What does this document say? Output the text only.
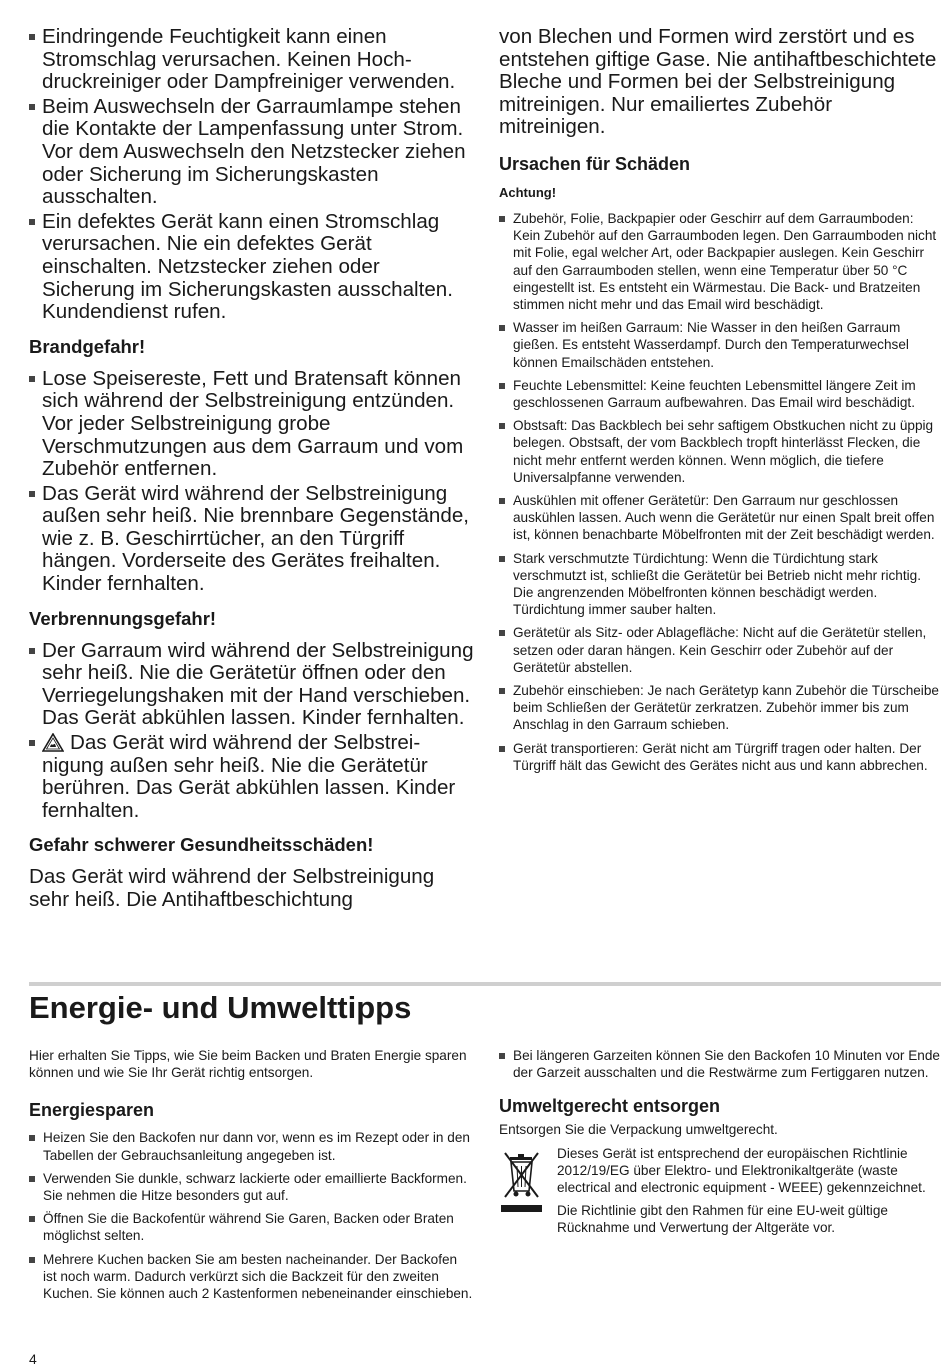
Eindringende Feuchtigkeit kann einen Stromschlag verursachen. Keinen Hochdruckreiniger oder Dampfreiniger verwenden.
Beim Auswechseln der Garraumlampe stehen die Kontakte der Lampenfassung unter Strom. Vor dem Auswechseln den Netzstecker ziehen oder Sicherung im Sicherungskasten ausschalten.
Ein defektes Gerät kann einen Stromschlag verursachen. Nie ein defektes Gerät einschalten. Netzstecker ziehen oder Sicherung im Sicherungskasten ausschalten. Kundendienst rufen.
Brandgefahr!
Lose Speisereste, Fett und Bratensaft können sich während der Selbstreinigung entzünden. Vor jeder Selbstreinigung grobe Verschmutzungen aus dem Garraum und vom Zubehör entfernen.
Das Gerät wird während der Selbstreinigung außen sehr heiß. Nie brennbare Gegenstände, wie z. B. Geschirrtücher, an den Türgriff hängen. Vorderseite des Gerätes freihalten. Kinder fernhalten.
Verbrennungsgefahr!
Der Garraum wird während der Selbstreinigung sehr heiß. Nie die Gerätetür öffnen oder den Verriegelungshaken mit der Hand verschieben. Das Gerät abkühlen lassen. Kinder fernhalten.
Das Gerät wird während der Selbstreinigung außen sehr heiß. Nie die Gerätetür berühren. Das Gerät abkühlen lassen. Kinder fernhalten.
Gefahr schwerer Gesundheitsschäden!

Das Gerät wird während der Selbstreinigung sehr heiß. Die Antihaftbeschichtung

von Blechen und Formen wird zerstört und es entstehen giftige Gase. Nie antihaftbeschichtete Bleche und Formen bei der Selbstreinigung mitreinigen. Nur emailiertes Zubehör mitreinigen.

Ursachen für Schäden
Achtung!
Zubehör, Folie, Backpapier oder Geschirr auf dem Garraumboden: Kein Zubehör auf den Garraumboden legen. Den Garraumboden nicht mit Folie, egal welcher Art, oder Backpapier auslegen. Kein Geschirr auf den Garraumboden stellen, wenn eine Temperatur über 50 °C eingestellt ist. Es entsteht ein Wärmestau. Die Back- und Bratzeiten stimmen nicht mehr und das Email wird beschädigt.
Wasser im heißen Garraum: Nie Wasser in den heißen Garraum gießen. Es entsteht Wasserdampf. Durch den Temperaturwechsel können Emailschäden entstehen.
Feuchte Lebensmittel: Keine feuchten Lebensmittel längere Zeit im geschlossenen Garraum aufbewahren. Das Email wird beschädigt.
Obstsaft: Das Backblech bei sehr saftigem Obstkuchen nicht zu üppig belegen. Obstsaft, der vom Backblech tropft hinterlässt Flecken, die nicht mehr entfernt werden können. Wenn möglich, die tiefere Universalpfanne verwenden.
Auskühlen mit offener Gerätetür: Den Garraum nur geschlossen auskühlen lassen. Auch wenn die Gerätetür nur einen Spalt breit offen ist, können benachbarte Möbelfronten mit der Zeit beschädigt werden.
Stark verschmutzte Türdichtung: Wenn die Türdichtung stark verschmutzt ist, schließt die Gerätetür bei Betrieb nicht mehr richtig. Die angrenzenden Möbelfronten können beschädigt werden. Türdichtung immer sauber halten.
Gerätetür als Sitz- oder Ablagefläche: Nicht auf die Gerätetür stellen, setzen oder daran hängen. Kein Geschirr oder Zubehör auf der Gerätetür abstellen.
Zubehör einschieben: Je nach Gerätetyp kann Zubehör die Türscheibe beim Schließen der Gerätetür zerkratzen. Zubehör immer bis zum Anschlag in den Garraum schieben.
Gerät transportieren: Gerät nicht am Türgriff tragen oder halten. Der Türgriff hält das Gewicht des Gerätes nicht aus und kann abbrechen.
Energie- und Umwelttipps

Hier erhalten Sie Tipps, wie Sie beim Backen und Braten Energie sparen können und wie Sie Ihr Gerät richtig entsorgen.

Energiesparen
Heizen Sie den Backofen nur dann vor, wenn es im Rezept oder in den Tabellen der Gebrauchsanleitung angegeben ist.
Verwenden Sie dunkle, schwarz lackierte oder emaillierte Backformen. Sie nehmen die Hitze besonders gut auf.
Öffnen Sie die Backofentür während Sie Garen, Backen oder Braten möglichst selten.
Mehrere Kuchen backen Sie am besten nacheinander. Der Backofen ist noch warm. Dadurch verkürzt sich die Backzeit für den zweiten Kuchen. Sie können auch 2 Kastenformen nebeneinander einschieben.
Bei längeren Garzeiten können Sie den Backofen 10 Minuten vor Ende der Garzeit ausschalten und die Restwärme zum Fertiggaren nutzen.
Umweltgerecht entsorgen

Entsorgen Sie die Verpackung umweltgerecht.

Dieses Gerät ist entsprechend der europäischen Richtlinie 2012/19/EG über Elektro- und Elektronikaltgeräte (waste electrical and electronic equipment - WEEE) gekennzeichnet.

Die Richtlinie gibt den Rahmen für eine EU-weit gültige Rücknahme und Verwertung der Altgeräte vor.

4
